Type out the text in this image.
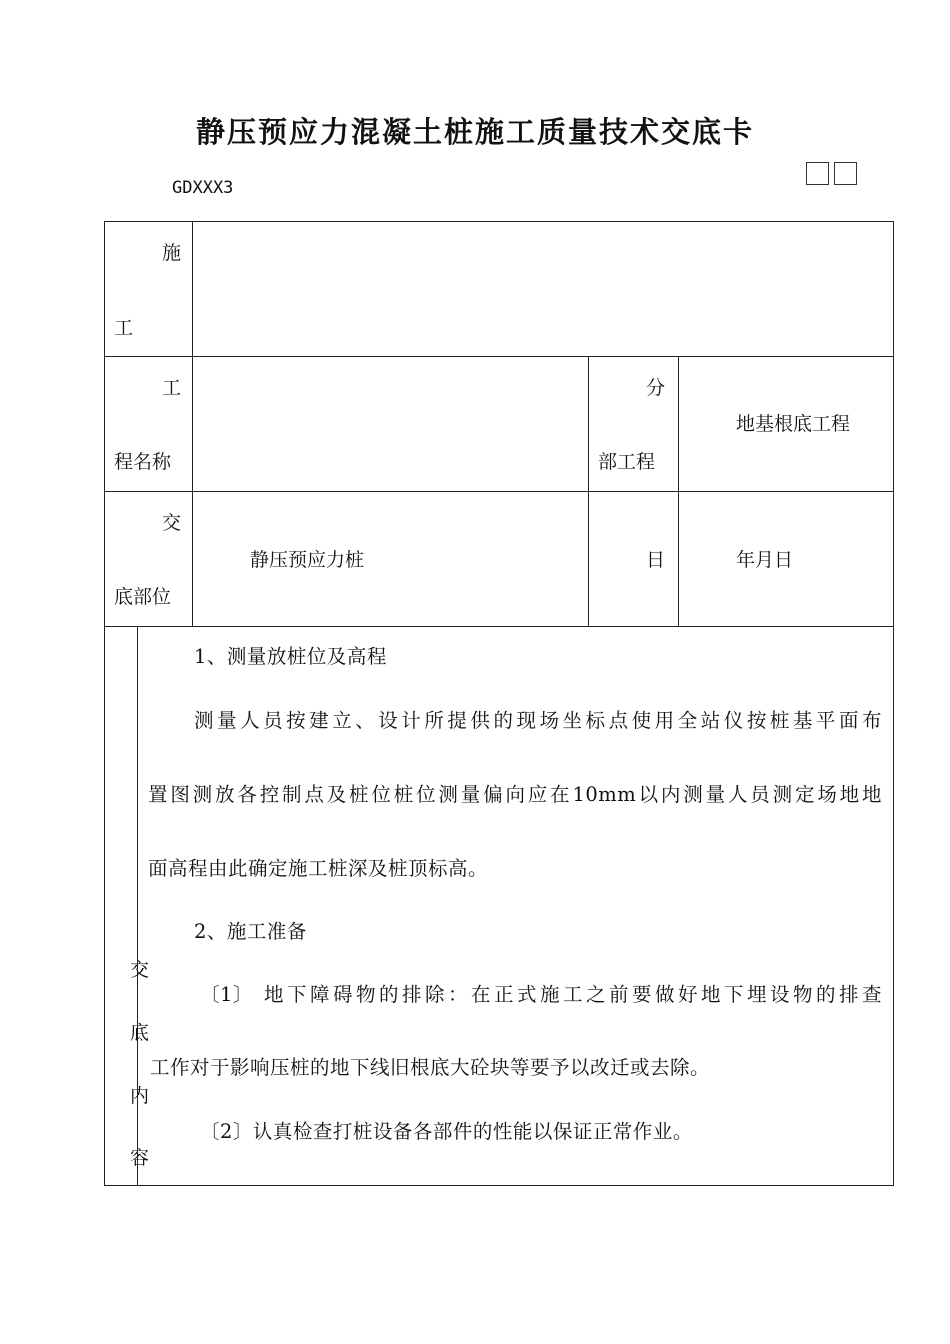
静压预应力混凝土桩施工质量技术交底卡
GDXXX3
施
工
工
程名称
分
部工程
地基根底工程
交
底部位
静压预应力桩	日	年月日
交
底
内
容
1、测量放桩位及高程
测量人员按建立、设计所提供的现场坐标点使用全站仪按桩基平面布
置图测放各控制点及桩位桩位测量偏向应在10mm以内测量人员测定场地地
面高程由此确定施工桩深及桩顶标高。
2、施工准备
〔1〕 地下障碍物的排除：在正式施工之前要做好地下埋设物的排查
工作对于影响压桩的地下线旧根底大砼块等要予以改迁或去除。
〔2〕认真检查打桩设备各部件的性能以保证正常作业。
